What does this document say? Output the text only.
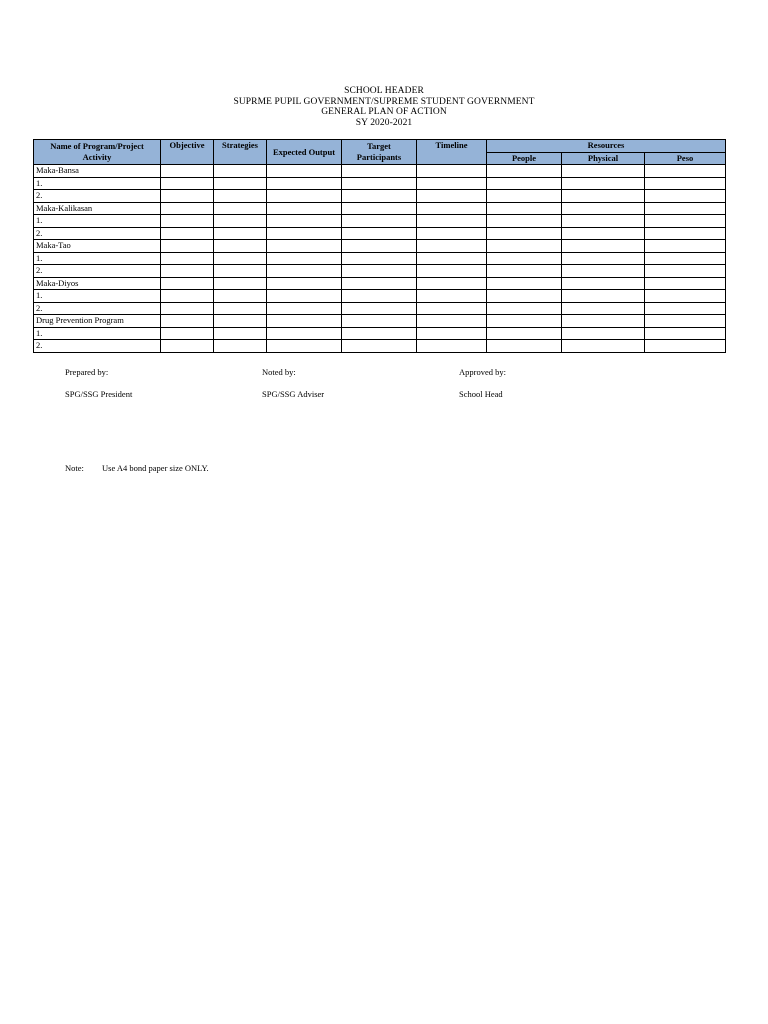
SCHOOL HEADER
SUPRME PUPIL GOVERNMENT/SUPREME STUDENT GOVERNMENT
GENERAL PLAN OF ACTION
SY 2020-2021
Name of Program/Project Activity	Objective	Strategies	Expected Output	Target Participants	Timeline	Resources		
						People	Physical	Peso
Maka-Bansa								
1.								
2.								
Maka-Kalikasan								
1.								
2.								
Maka-Tao								
1.								
2.								
Maka-Diyos								
1.								
2.								
Drug Prevention Program								
1.								
2.								
Prepared by:	Noted by:	Approved by:
SPG/SSG President	SPG/SSG Adviser	School Head
Note: Use A4 bond paper size ONLY.
